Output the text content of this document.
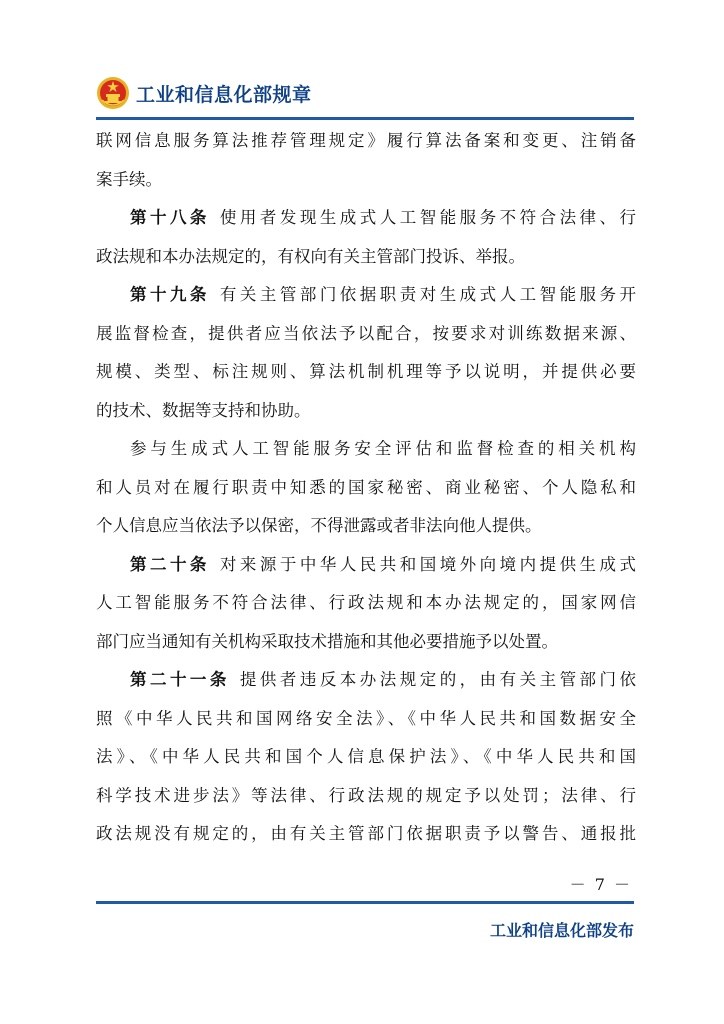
工业和信息化部规章
联网信息服务算法推荐管理规定》履行算法备案和变更、注销备
案手续。
第十八条 使用者发现生成式人工智能服务不符合法律、行
政法规和本办法规定的，有权向有关主管部门投诉、举报。
第十九条 有关主管部门依据职责对生成式人工智能服务开
展监督检查，提供者应当依法予以配合，按要求对训练数据来源、
规模、类型、标注规则、算法机制机理等予以说明，并提供必要
的技术、数据等支持和协助。
参与生成式人工智能服务安全评估和监督检查的相关机构
和人员对在履行职责中知悉的国家秘密、商业秘密、个人隐私和
个人信息应当依法予以保密，不得泄露或者非法向他人提供。
第二十条 对来源于中华人民共和国境外向境内提供生成式
人工智能服务不符合法律、行政法规和本办法规定的，国家网信
部门应当通知有关机构采取技术措施和其他必要措施予以处置。
第二十一条 提供者违反本办法规定的，由有关主管部门依
照《中华人民共和国网络安全法》、《中华人民共和国数据安全
法》、《中华人民共和国个人信息保护法》、《中华人民共和国
科学技术进步法》等法律、行政法规的规定予以处罚；法律、行
政法规没有规定的，由有关主管部门依据职责予以警告、通报批
－ 7 －
工业和信息化部发布
